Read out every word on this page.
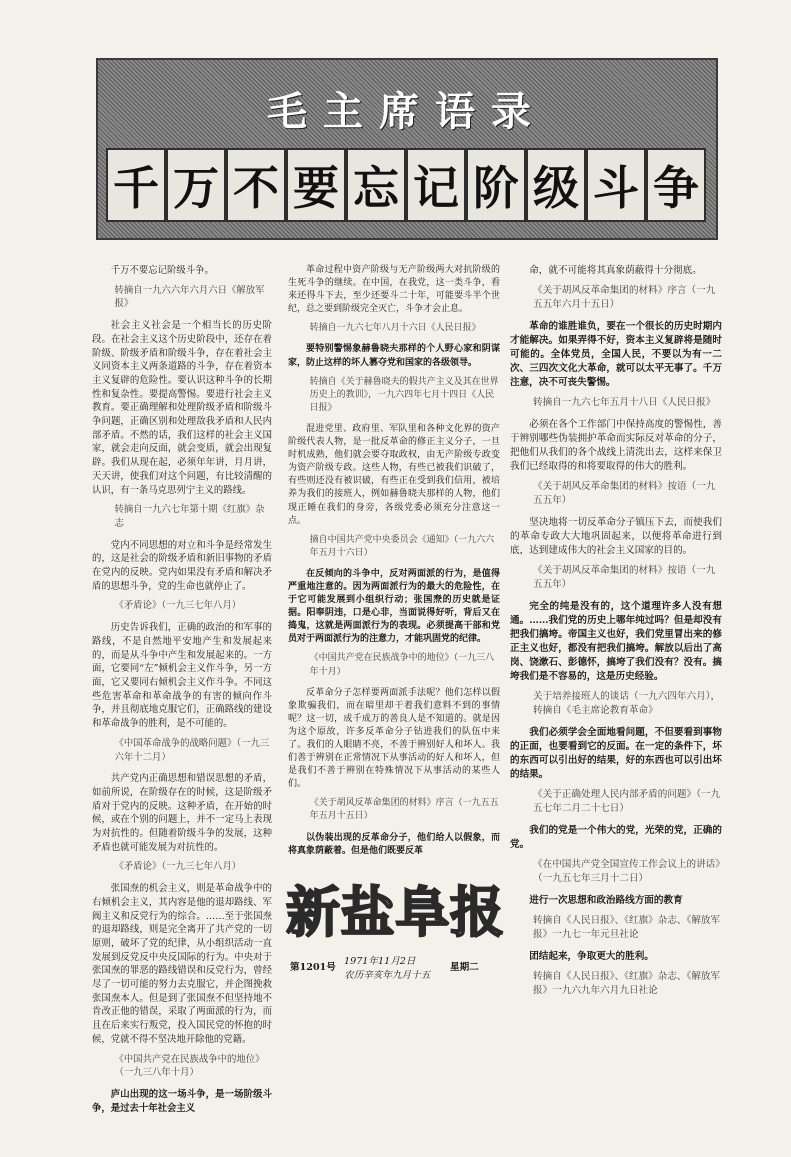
毛主席语录
千 万 不 要 忘 记 阶 级 斗 争

千万不要忘记阶级斗争。

转摘自一九六六年六月六日《解放军报》

社会主义社会是一个相当长的历史阶段。在社会主义这个历史阶段中，还存在着阶级、阶级矛盾和阶级斗争，存在着社会主义同资本主义两条道路的斗争，存在着资本主义复辟的危险性。要认识这种斗争的长期性和复杂性。要提高警惕。要进行社会主义教育。要正确理解和处理阶级矛盾和阶级斗争问题，正确区别和处理敌我矛盾和人民内部矛盾。不然的话，我们这样的社会主义国家，就会走向反面，就会变质，就会出现复辟。我们从现在起，必须年年讲，月月讲，天天讲，使我们对这个问题，有比较清醒的认识，有一条马克思列宁主义的路线。

转摘自一九六七年第十期《红旗》杂志

党内不同思想的对立和斗争是经常发生的，这是社会的阶级矛盾和新旧事物的矛盾在党内的反映。党内如果没有矛盾和解决矛盾的思想斗争，党的生命也就停止了。

《矛盾论》（一九三七年八月）

历史告诉我们，正确的政治的和军事的路线，不是自然地平安地产生和发展起来的，而是从斗争中产生和发展起来的。一方面，它要同“左”倾机会主义作斗争，另一方面，它又要同右倾机会主义作斗争。不同这些危害革命和革命战争的有害的倾向作斗争，并且彻底地克服它们，正确路线的建设和革命战争的胜利，是不可能的。

《中国革命战争的战略问题》（一九三六年十二月）

共产党内正确思想和错误思想的矛盾，如前所说，在阶级存在的时候，这是阶级矛盾对于党内的反映。这种矛盾，在开始的时候，或在个别的问题上，并不一定马上表现为对抗性的。但随着阶级斗争的发展，这种矛盾也就可能发展为对抗性的。

《矛盾论》（一九三七年八月）

张国焘的机会主义，则是革命战争中的右倾机会主义，其内容是他的退却路线、军阀主义和反党行为的综合。……至于张国焘的退却路线，则是完全离开了共产党的一切原则，破坏了党的纪律，从小组织活动一直发展到反党反中央反国际的行为。中央对于张国焘的罪恶的路线错误和反党行为，曾经尽了一切可能的努力去克服它，并企图挽救张国焘本人。但是到了张国焘不但坚持地不肯改正他的错误，采取了两面派的行为，而且在后来实行叛党，投入国民党的怀抱的时候，党就不得不坚决地开除他的党籍。

《中国共产党在民族战争中的地位》（一九三八年十月）

庐山出现的这一场斗争，是一场阶级斗争，是过去十年社会主义

革命过程中资产阶级与无产阶级两大对抗阶级的生死斗争的继续。在中国，在我党，这一类斗争，看来还得斗下去，至少还要斗二十年，可能要斗半个世纪，总之要到阶级完全灭亡，斗争才会止息。

转摘自一九六七年八月十六日《人民日报》

要特别警惕象赫鲁晓夫那样的个人野心家和阴谋家，防止这样的坏人篡夺党和国家的各级领导。

转摘自《关于赫鲁晓夫的假共产主义及其在世界历史上的教训》，一九六四年七月十四日《人民日报》

混进党里、政府里、军队里和各种文化界的资产阶级代表人物，是一批反革命的修正主义分子，一旦时机成熟，他们就会要夺取政权，由无产阶级专政变为资产阶级专政。这些人物，有些已被我们识破了，有些则还没有被识破，有些正在受到我们信用，被培养为我们的接班人，例如赫鲁晓夫那样的人物，他们现正睡在我们的身旁，各级党委必须充分注意这一点。

摘自中国共产党中央委员会《通知》（一九六六年五月十六日）

在反倾向的斗争中，反对两面派的行为，是值得严重地注意的。因为两面派行为的最大的危险性，在于它可能发展到小组织行动；张国焘的历史就是证据。阳奉阴违，口是心非，当面说得好听，背后又在捣鬼，这就是两面派行为的表现。必须提高干部和党员对于两面派行为的注意力，才能巩固党的纪律。

《中国共产党在民族战争中的地位》（一九三八年十月）

反革命分子怎样要两面派手法呢？他们怎样以假象欺骗我们，而在暗里却干着我们意料不到的事情呢？这一切，成千成万的善良人是不知道的。就是因为这个原故，许多反革命分子钻进我们的队伍中来了。我们的人眼睛不亮，不善于辨别好人和坏人。我们善于辨别在正常情况下从事活动的好人和坏人，但是我们不善于辨别在特殊情况下从事活动的某些人们。

《关于胡风反革命集团的材料》序言（一九五五年五月十五日）

以伪装出现的反革命分子，他们给人以假象，而将真象荫蔽着。但是他们既要反革

命，就不可能将其真象荫蔽得十分彻底。

《关于胡风反革命集团的材料》序言（一九五五年六月十五日）

革命的谁胜谁负，要在一个很长的历史时期内才能解决。如果弄得不好，资本主义复辟将是随时可能的。全体党员，全国人民，不要以为有一二次、三四次文化大革命，就可以太平无事了。千万注意，决不可丧失警惕。

转摘自一九六七年五月十八日《人民日报》

必须在各个工作部门中保持高度的警惕性，善于辨别哪些伪装拥护革命而实际反对革命的分子，把他们从我们的各个战线上清洗出去，这样来保卫我们已经取得的和将要取得的伟大的胜利。

《关于胡风反革命集团的材料》按语（一九五五年）

坚决地将一切反革命分子镇压下去，而使我们的革命专政大大地巩固起来，以便将革命进行到底，达到建成伟大的社会主义国家的目的。

《关于胡风反革命集团的材料》按语（一九五五年）

完全的纯是没有的，这个道理许多人没有想通。……我们党的历史上哪年纯过吗？但是却没有把我们搞垮。帝国主义也好，我们党里冒出来的修正主义也好，都没有把我们搞垮。解放以后出了高岗、饶漱石、彭德怀，搞垮了我们没有？没有。搞垮我们是不容易的，这是历史经验。

关于培养接班人的谈话（一九六四年六月），转摘自《毛主席论教育革命》

我们必须学会全面地看问题，不但要看到事物的正面，也要看到它的反面。在一定的条件下，坏的东西可以引出好的结果，好的东西也可以引出坏的结果。

《关于正确处理人民内部矛盾的问题》（一九五七年二月二十七日）

我们的党是一个伟大的党，光荣的党，正确的党。

《在中国共产党全国宣传工作会议上的讲话》（一九五七年三月十二日）

进行一次思想和政治路线方面的教育

转摘自《人民日报》、《红旗》杂志、《解放军报》一九七一年元旦社论

团结起来，争取更大的胜利。

转摘自《人民日报》、《红旗》杂志、《解放军报》一九六九年六月九日社论

新 盐 阜 报
第1201号
1971年11月2日
农历辛亥年九月十五
星期二
